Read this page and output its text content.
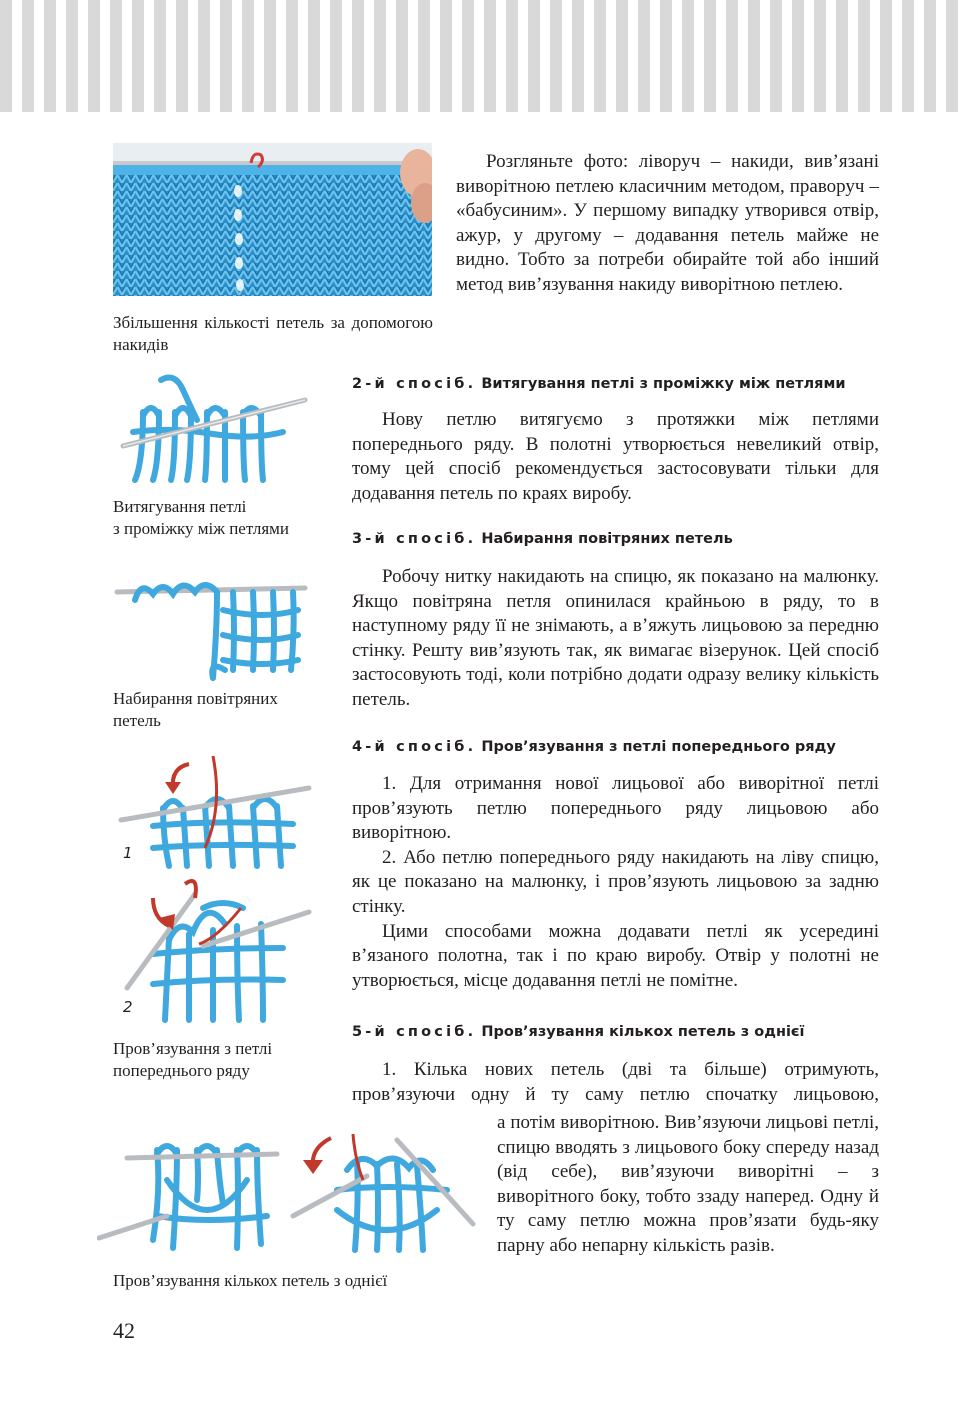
Збільшення кількості петель за допомогою накидів

Розгляньте фото: ліворуч – накиди, вив’язані виворітною петлею класичним методом, праворуч – «бабусиним». У першому випадку утворився отвір, ажур, у другому – додавання петель майже не видно. Тобто за потреби обирайте той або інший метод вив’язування накиду виворітною петлею.

Витягування петлі
з проміжку між петлями
Набирання повітряних
петель
1
2
Пров’язування з петлі
попереднього ряду
Пров’язування кількох петель з однієї
2-й спосіб. Витягування петлі з проміжку між петлями

Нову петлю витягуємо з протяжки між петлями попереднього ряду. В полотні утворюється невеликий отвір, тому цей спосіб рекомендується застосовувати тільки для додавання петель по краях виробу.

3-й спосіб. Набирання повітряних петель

Робочу нитку накидають на спицю, як показано на малюнку. Якщо повітряна петля опинилася крайньою в ряду, то в наступному ряду її не знімають, а в’яжуть лицьовою за передню стінку. Решту вив’язують так, як вимагає візерунок. Цей спосіб застосовують тоді, коли потрібно додати одразу велику кількість петель.

4-й спосіб. Пров’язування з петлі попереднього ряду

1. Для отримання нової лицьової або виворітної петлі пров’язують петлю попереднього ряду лицьовою або виворітною.

2. Або петлю попереднього ряду накидають на ліву спицю, як це показано на малюнку, і пров’язують лицьовою за задню стінку.

Цими способами можна додавати петлі як усередині в’язаного полотна, так і по краю виробу. Отвір у полотні не утворюється, місце додавання петлі не помітне.

5-й спосіб. Пров’язування кількох петель з однієї

1. Кілька нових петель (дві та більше) отримують, пров’язуючи одну й ту саму петлю спочатку лицьовою,

а потім виворітною. Вив’язуючи лицьові петлі, спицю вводять з лицьового боку спереду назад (від себе), вив’язуючи виворітні – з виворітного боку, тобто ззаду наперед. Одну й ту саму петлю можна пров’язати будь-яку парну або непарну кількість разів.

42
